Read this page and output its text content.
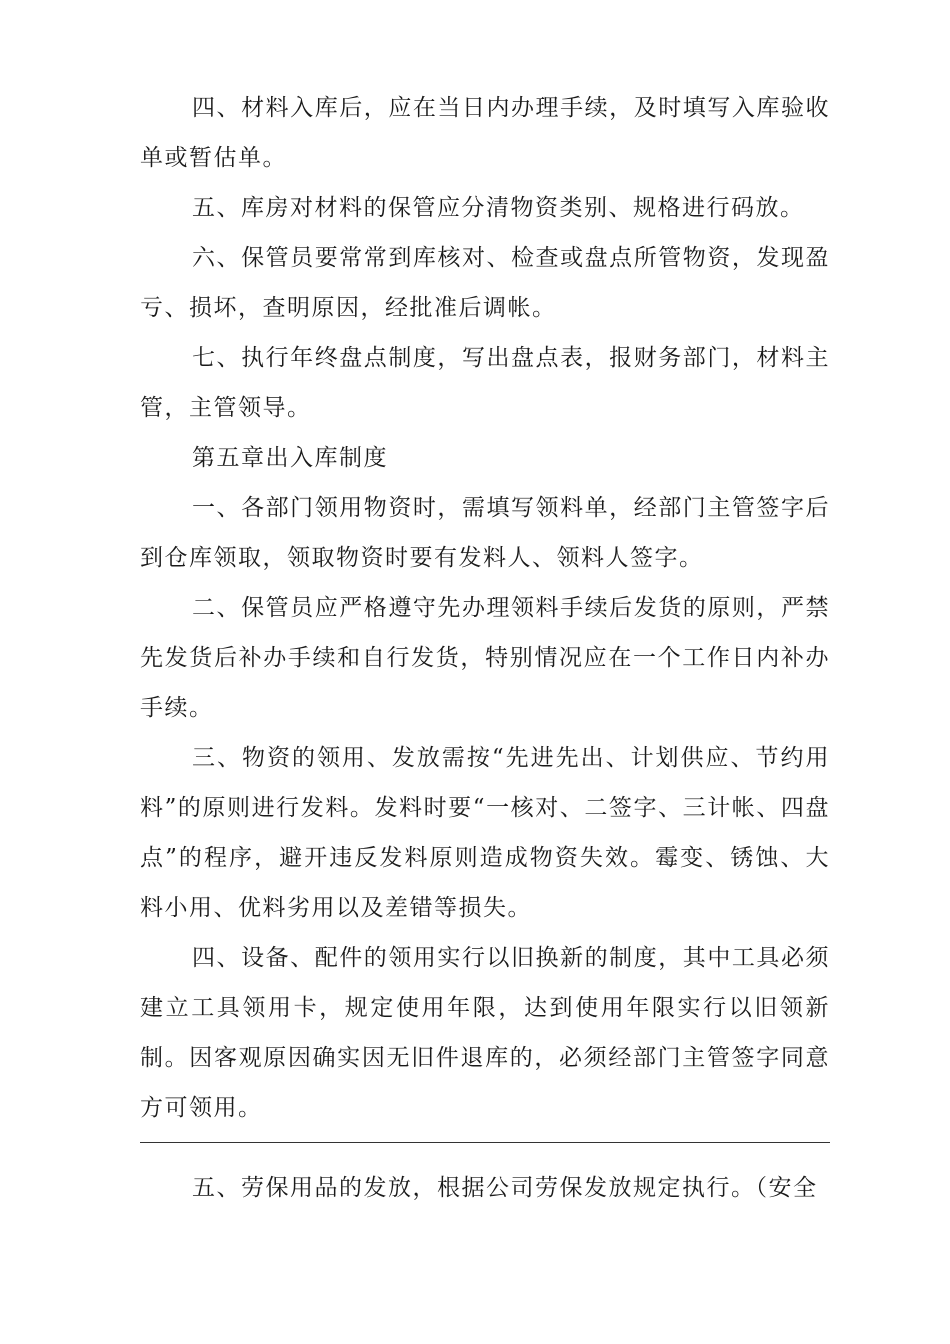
四、材料入库后，应在当日内办理手续，及时填写入库验收单或暂估单。

五、库房对材料的保管应分清物资类别、规格进行码放。

六、保管员要常常到库核对、检查或盘点所管物资，发现盈亏、损坏，查明原因，经批准后调帐。

七、执行年终盘点制度，写出盘点表，报财务部门，材料主管，主管领导。

第五章出入库制度

一、各部门领用物资时，需填写领料单，经部门主管签字后到仓库领取，领取物资时要有发料人、领料人签字。

二、保管员应严格遵守先办理领料手续后发货的原则，严禁先发货后补办手续和自行发货，特别情况应在一个工作日内补办手续。

三、物资的领用、发放需按“先进先出、计划供应、节约用料”的原则进行发料。发料时要“一核对、二签字、三计帐、四盘点”的程序，避开违反发料原则造成物资失效。霉变、锈蚀、大料小用、优料劣用以及差错等损失。

四、设备、配件的领用实行以旧换新的制度，其中工具必须建立工具领用卡，规定使用年限，达到使用年限实行以旧领新制。因客观原因确实因无旧件退库的，必须经部门主管签字同意方可领用。

五、劳保用品的发放，根据公司劳保发放规定执行。（安全
